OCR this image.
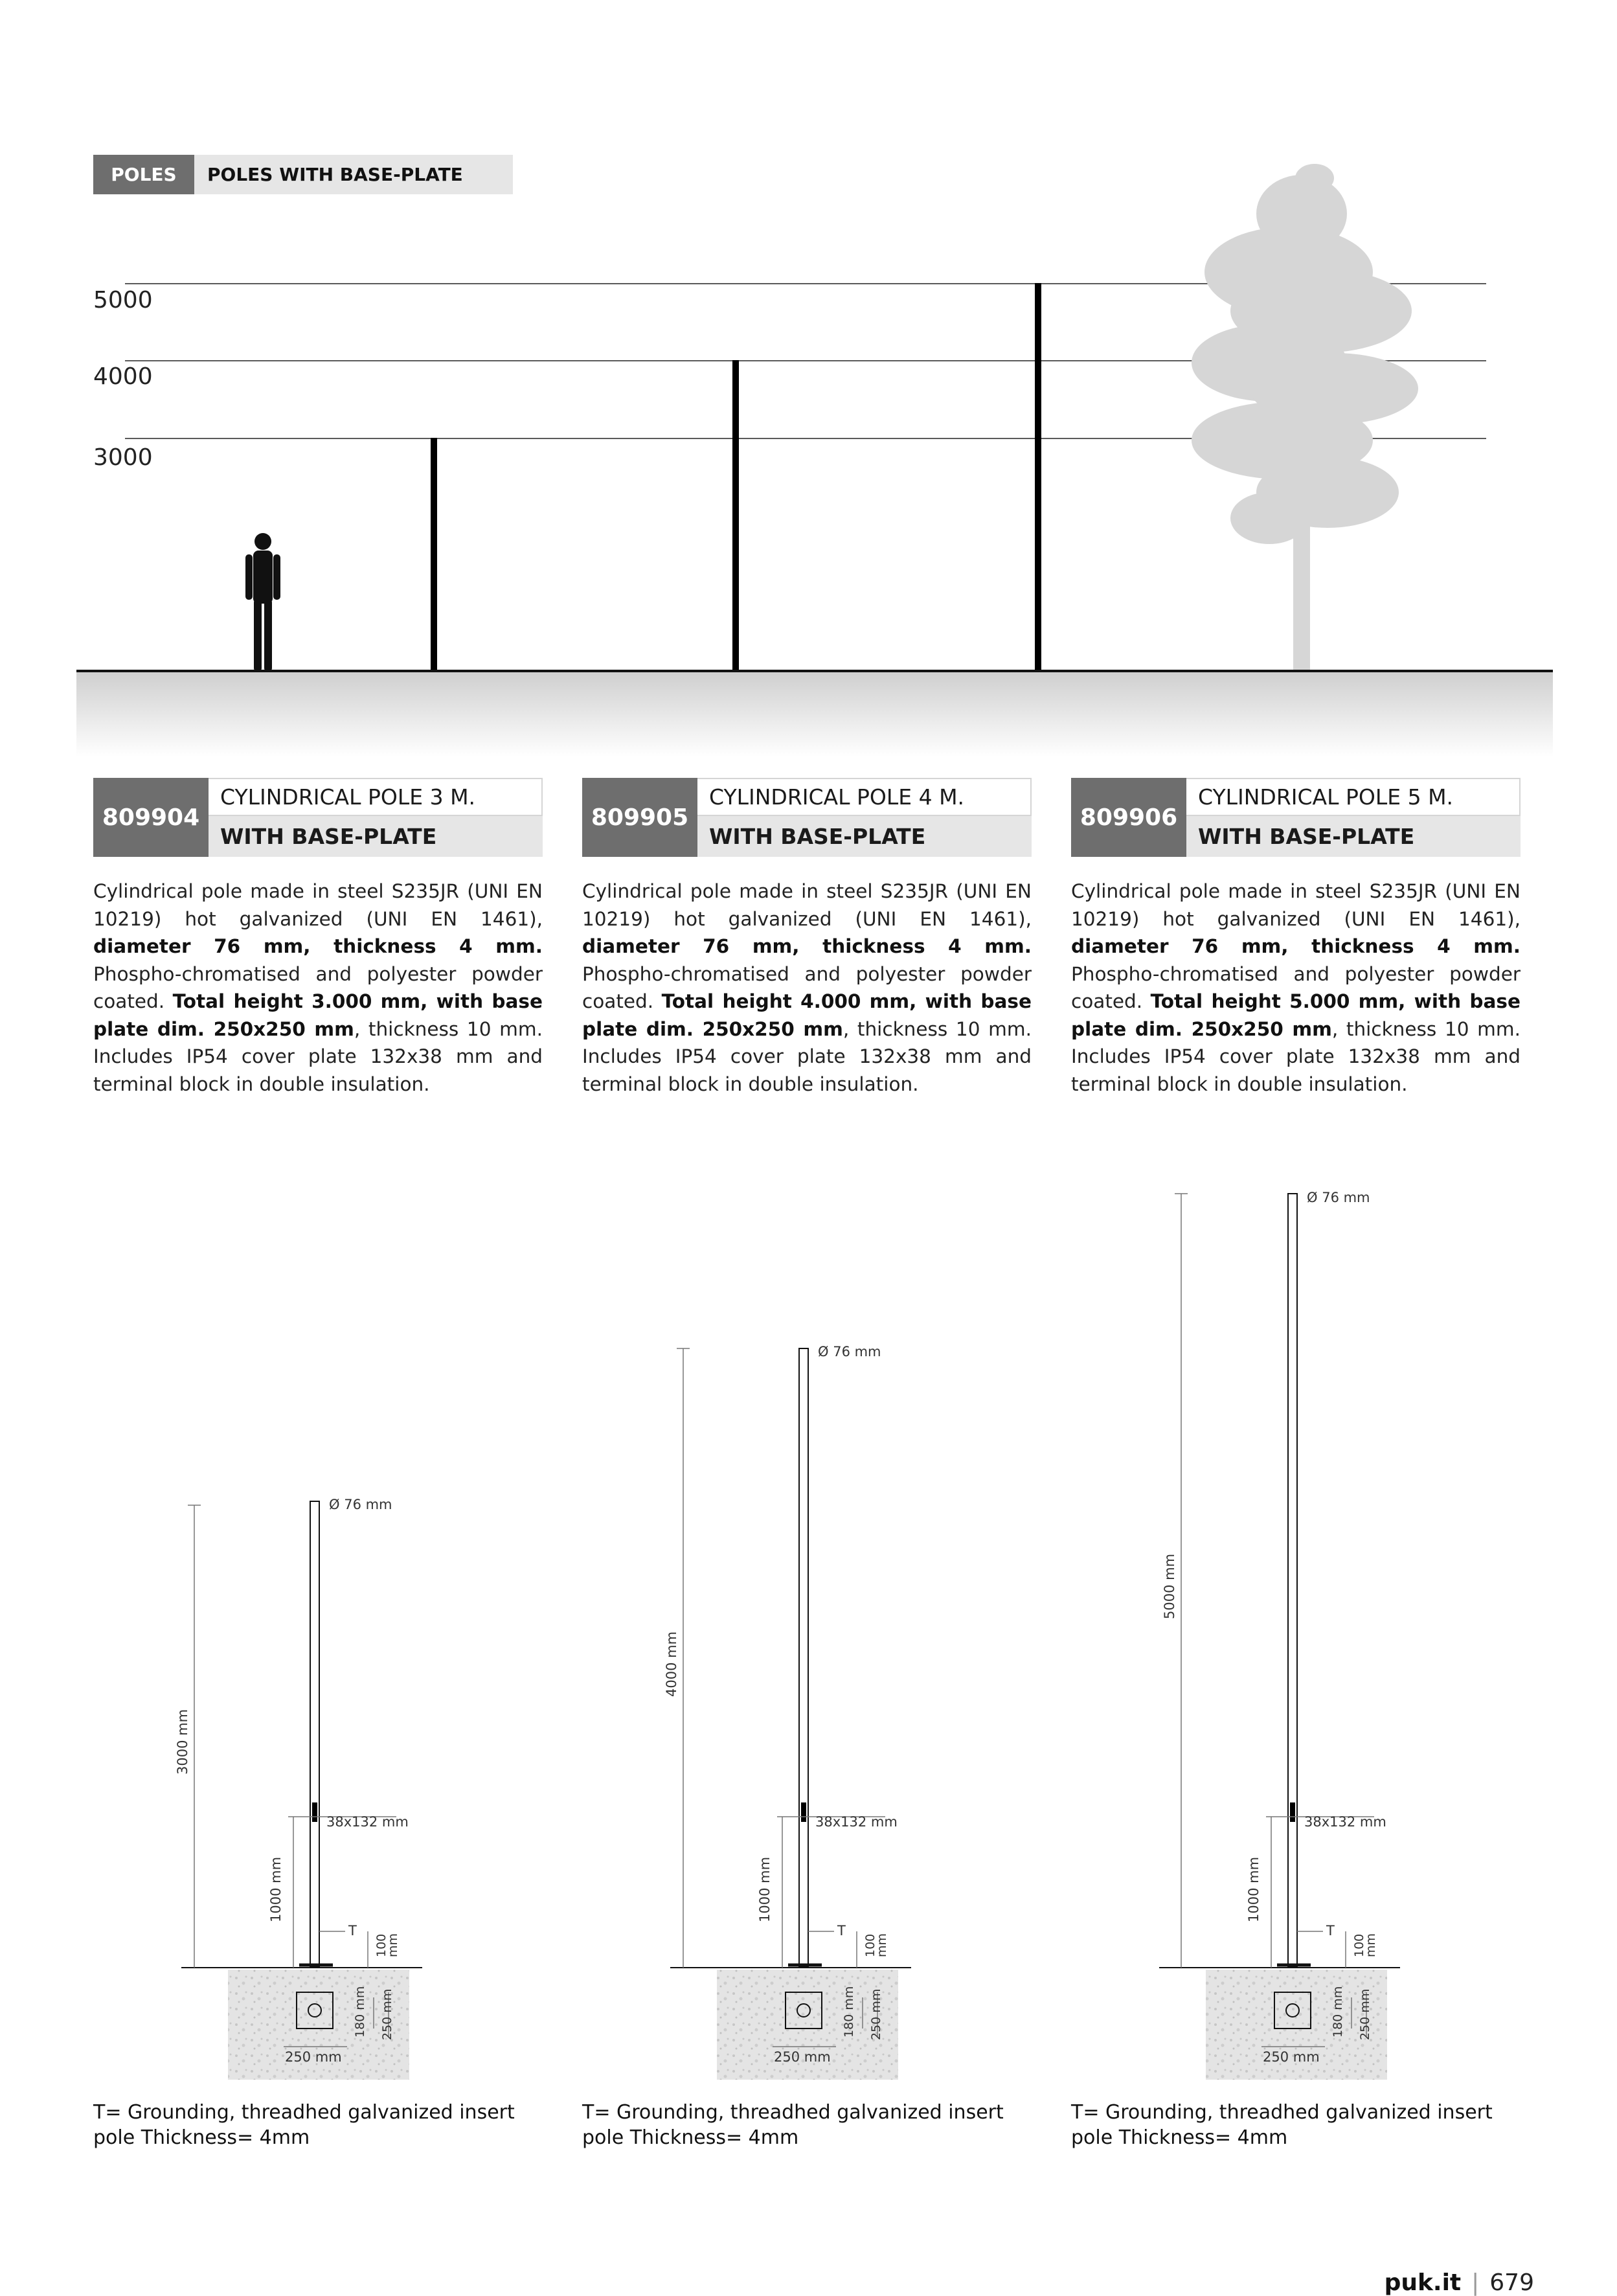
POLES	POLES WITH BASE-PLATE
5000
4000
3000
809904
CYLINDRICAL POLE 3 M.
WITH BASE-PLATE
809905
CYLINDRICAL POLE 4 M.
WITH BASE-PLATE
809906
CYLINDRICAL POLE 5 M.
WITH BASE-PLATE
Cylindrical pole made in steel S235JR (UNI EN 10219) hot galvanized (UNI EN 1461), diameter 76 mm, thickness 4 mm. Phospho-chromatised and polyester powder coated. Total height 3.000 mm, with base plate dim. 250x250 mm, thickness 10 mm. Includes IP54 cover plate 132x38 mm and terminal block in double insulation.
Cylindrical pole made in steel S235JR (UNI EN 10219) hot galvanized (UNI EN 1461), diameter 76 mm, thickness 4 mm. Phospho-chromatised and polyester powder coated. Total height 4.000 mm, with base plate dim. 250x250 mm, thickness 10 mm. Includes IP54 cover plate 132x38 mm and terminal block in double insulation.
Cylindrical pole made in steel S235JR (UNI EN 10219) hot galvanized (UNI EN 1461), diameter 76 mm, thickness 4 mm. Phospho-chromatised and polyester powder coated. Total height 5.000 mm, with base plate dim. 250x250 mm, thickness 10 mm. Includes IP54 cover plate 132x38 mm and terminal block in double insulation.
Ø 76 mm
38x132 mm
T
250 mm
3000 mm
1000 mm
100
mm
180 mm 250 mm
Ø 76 mm
38x132 mm
T
250 mm
4000 mm
1000 mm
100
mm
180 mm 250 mm
Ø 76 mm
38x132 mm
T
250 mm
5000 mm
1000 mm
100
mm
180 mm 250 mm
T= Grounding, threadhed galvanized insert
pole Thickness= 4mm
T= Grounding, threadhed galvanized insert
pole Thickness= 4mm
T= Grounding, threadhed galvanized insert
pole Thickness= 4mm
puk.it | 679
